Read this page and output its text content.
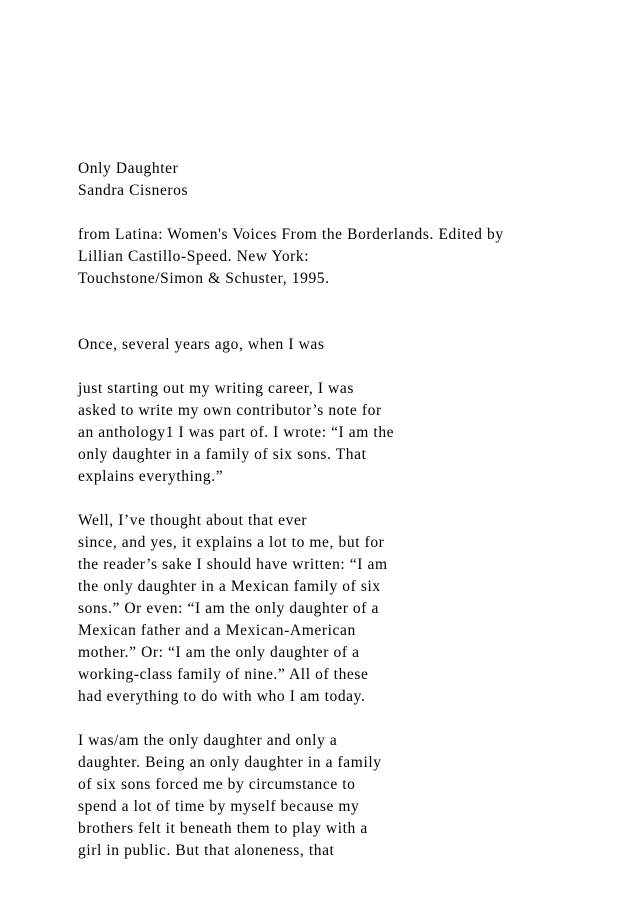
Only Daughter
Sandra Cisneros
from Latina: Women's Voices From the Borderlands. Edited by
Lillian Castillo-Speed. New York:
Touchstone/Simon & Schuster, 1995.
Once, several years ago, when I was
just starting out my writing career, I was
asked to write my own contributor’s note for
an anthology1 I was part of. I wrote: “I am the
only daughter in a family of six sons. That
explains everything.”
Well, I’ve thought about that ever
since, and yes, it explains a lot to me, but for
the reader’s sake I should have written: “I am
the only daughter in a Mexican family of six
sons.” Or even: “I am the only daughter of a
Mexican father and a Mexican-American
mother.” Or: “I am the only daughter of a
working-class family of nine.” All of these
had everything to do with who I am today.
I was/am the only daughter and only a
daughter. Being an only daughter in a family
of six sons forced me by circumstance to
spend a lot of time by myself because my
brothers felt it beneath them to play with a
girl in public. But that aloneness, that
